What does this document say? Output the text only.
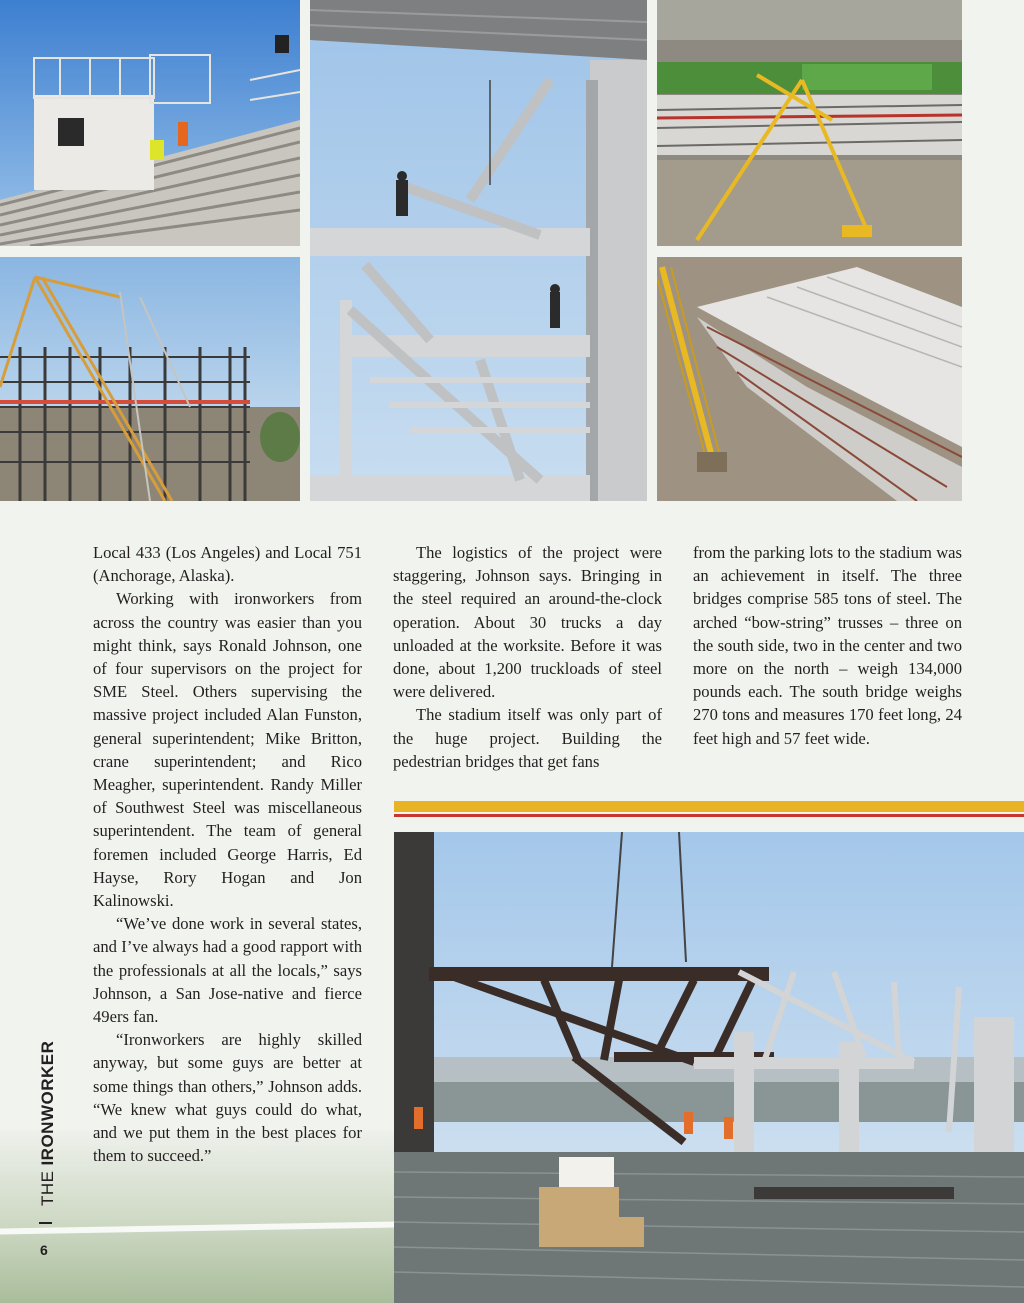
Local 433 (Los Angeles) and Local 751 (Anchorage, Alaska).

Working with ironworkers from across the country was easier than you might think, says Ronald Johnson, one of four supervisors on the project for SME Steel. Others supervising the massive project included Alan Funston, general superintendent; Mike Britton, crane superintendent; and Rico Meagher, superintendent. Randy Miller of Southwest Steel was miscellaneous superintendent. The team of general foremen included George Harris, Ed Hayse, Rory Hogan and Jon Kalinowski.

“We’ve done work in several states, and I’ve always had a good rapport with the professionals at all the locals,” says Johnson, a San Jose-native and fierce 49ers fan.

“Ironworkers are highly skilled anyway, but some guys are better at some things than others,” Johnson adds. “We knew what guys could do what, and we put them in the best places for them to succeed.”

The logistics of the project were staggering, Johnson says. Bringing in the steel required an around-the-clock operation. About 30 trucks a day unloaded at the worksite. Before it was done, about 1,200 truckloads of steel were delivered.

The stadium itself was only part of the huge project. Building the pedestrian bridges that get fans

from the parking lots to the stadium was an achievement in itself. The three bridges comprise 585 tons of steel. The arched “bow-string” trusses – three on the south side, two in the center and two more on the north – weigh 134,000 pounds each. The south bridge weighs 270 tons and measures 170 feet long, 24 feet high and 57 feet wide.

THE IRONWORKER
6
